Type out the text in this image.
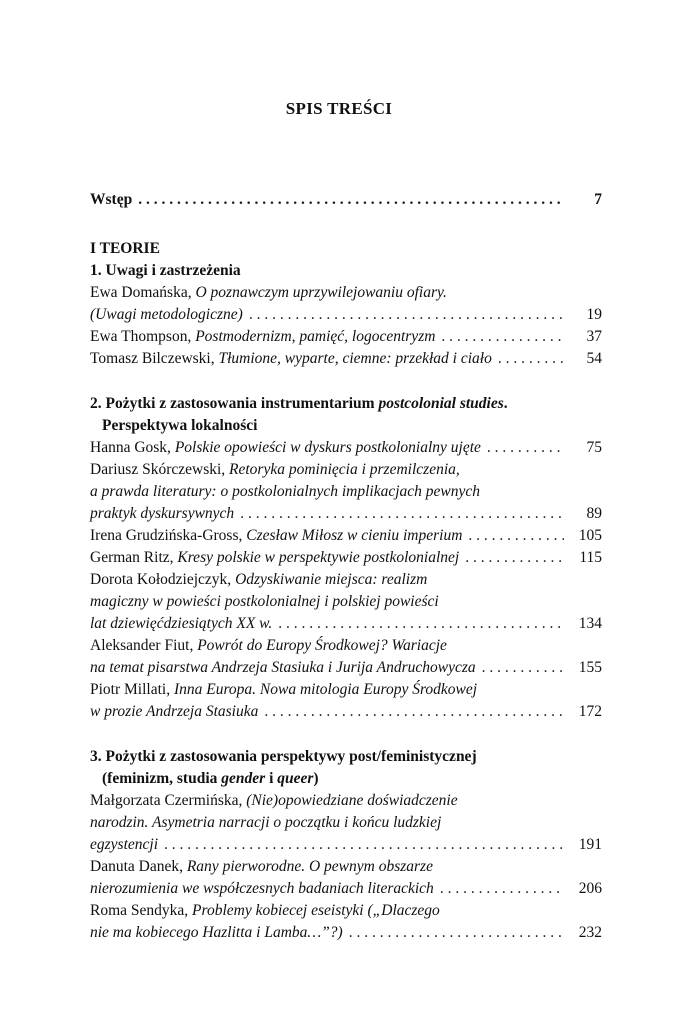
SPIS TREŚCI
Wstęp . . .	7
I TEORIE
1. Uwagi i zastrzeżenia
Ewa Domańska, O poznawczym uprzywilejowaniu ofiary.
(Uwagi metodologiczne) . . .	19
Ewa Thompson, Postmodernizm, pamięć, logocentryzm . . .	37
Tomasz Bilczewski, Tłumione, wyparte, ciemne: przekład i ciało . . .	54
2. Pożytki z zastosowania instrumentarium postcolonial studies.
Perspektywa lokalności
Hanna Gosk, Polskie opowieści w dyskurs postkolonialny ujęte . . .	75
Dariusz Skórczewski, Retoryka pominięcia i przemilczenia,
a prawda literatury: o postkolonialnych implikacjach pewnych
praktyk dyskursywnych . . .	89
Irena Grudzińska-Gross, Czesław Miłosz w cieniu imperium . . .	105
German Ritz, Kresy polskie w perspektywie postkolonialnej . . .	115
Dorota Kołodziejczyk, Odzyskiwanie miejsca: realizm
magiczny w powieści postkolonialnej i polskiej powieści
lat dziewięćdziesiątych XX w. . . .	134
Aleksander Fiut, Powrót do Europy Środkowej? Wariacje
na temat pisarstwa Andrzeja Stasiuka i Jurija Andruchowycza . . .	155
Piotr Millati, Inna Europa. Nowa mitologia Europy Środkowej
w prozie Andrzeja Stasiuka . . .	172
3. Pożytki z zastosowania perspektywy post/feministycznej
(feminizm, studia gender i queer)
Małgorzata Czermińska, (Nie)opowiedziane doświadczenie
narodzin. Asymetria narracji o początku i końcu ludzkiej
egzystencji . . .	191
Danuta Danek, Rany pierworodne. O pewnym obszarze
nierozumienia we współczesnych badaniach literackich . . .	206
Roma Sendyka, Problemy kobiecej eseistyki („Dlaczego
nie ma kobiecego Hazlitta i Lamba…”?) . . .	232
